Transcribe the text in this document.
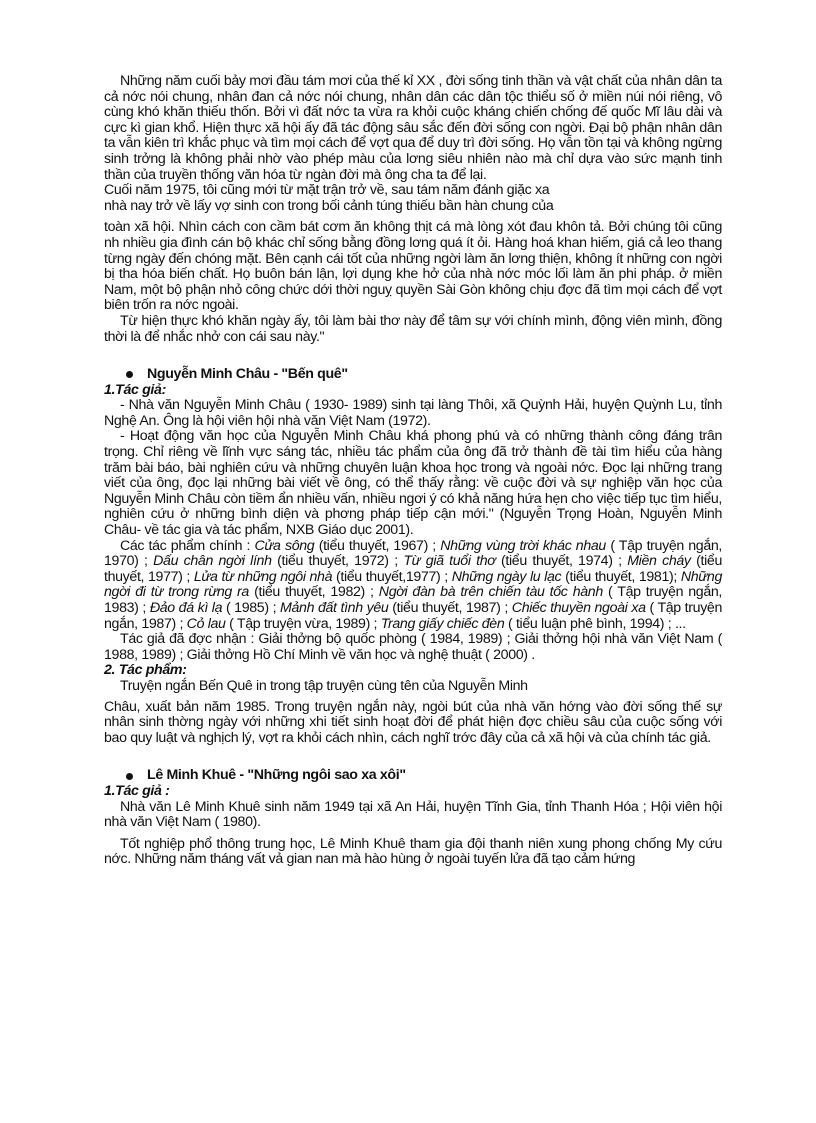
Những năm cuối bảy mơi đầu tám mơi của thế kỉ XX , đời sống tinh thần và vật chất của nhân dân ta cả nớc nói chung, nhân đan cả nớc nói chung, nhân dân các dân tộc thiểu số ở miền núi nói riêng, vô cùng khó khăn thiếu thốn. Bởi vì đất nớc ta vừa ra khỏi cuộc kháng chiến chống đế quốc Mĩ lâu dài và cực kì gian khổ. Hiện thực xã hội ấy đã tác động sâu sắc đến đời sống con ngời. Đại bộ phận nhân dân ta vẫn kiên trì khắc phục và tìm mọi cách để vợt qua để duy trì đời sống. Họ vẫn tồn tại và không ngừng sinh trởng là không phải nhờ vào phép màu của lơng siêu nhiên nào mà chỉ dựa vào sức mạnh tinh thần của truyền thống văn hóa từ ngàn đời mà ông cha ta để lại.

Cuối năm 1975, tôi cũng mới từ mặt trận trở về, sau tám năm đánh giặc xa
nhà nay trở về lấy vợ sinh con trong bối cảnh túng thiếu bần hàn chung của

toàn xã hội. Nhìn cách con cầm bát cơm ăn không thịt cá mà lòng xót đau khôn tả. Bởi chúng tôi cũng nh nhiều gia đình cán bộ khác chỉ sống bằng đồng lơng quá ít ỏi. Hàng hoá khan hiếm, giá cả leo thang từng ngày đến chóng mặt. Bên cạnh cái tốt của những ngời làm ăn lơng thiện, không ít những con ngời bị tha hóa biến chất. Họ buôn bán lận, lợi dụng khe hở của nhà nớc móc lối làm ăn phi pháp. ở miền Nam, một bộ phận nhỏ công chức dới thời nguỵ quyền Sài Gòn không chịu đợc đã tìm mọi cách để vợt biên trốn ra nớc ngoài.

Từ hiện thực khó khăn ngày ấy, tôi làm bài thơ này để tâm sự với chính mình, động viên mình, đồng thời là để nhắc nhở con cái sau này."

Nguyễn Minh Châu - "Bến quê"

1.Tác giả:

- Nhà văn Nguyễn Minh Châu ( 1930- 1989) sinh tại làng Thôi, xã Quỳnh Hải, huyện Quỳnh Lu, tỉnh Nghệ An. Ông là hội viên hội nhà văn Việt Nam (1972).

- Hoạt động văn học của Nguyễn Minh Châu khá phong phú và có những thành công đáng trân trọng. Chỉ riêng về lĩnh vực sáng tác, nhiều tác phẩm của ông đã trở thành đề tài tìm hiểu của hàng trăm bài báo, bài nghiên cứu và những chuyên luận khoa học trong và ngoài nớc. Đọc lại những trang viết của ông, đọc lại những bài viết về ông, có thể thấy rằng: về cuộc đời và sự nghiệp văn học của Nguyễn Minh Châu còn tiềm ẩn nhiều vấn, nhiều ngơi ý có khả năng hứa hẹn cho việc tiếp tục tìm hiểu, nghiên cứu ở những bình diện và phơng pháp tiếp cận mới." (Nguyễn Trọng Hoàn, Nguyễn Minh Châu- về tác gia và tác phẩm, NXB Giáo dục 2001).

Các tác phẩm chính : Cửa sông (tiểu thuyết, 1967) ; Những vùng trời khác nhau ( Tập truyện ngắn, 1970) ; Dấu chân ngời lính (tiểu thuyết, 1972) ; Từ giã tuổi thơ (tiểu thuyết, 1974) ; Miền cháy (tiểu thuyết, 1977) ; Lửa từ những ngôi nhà (tiểu thuyết,1977) ; Những ngày lu lạc (tiểu thuyết, 1981); Những ngời đi từ trong rừng ra (tiểu thuyết, 1982) ; Ngời đàn bà trên chiến tàu tốc hành ( Tập truyện ngắn, 1983) ; Đảo đá kì lạ ( 1985) ; Mảnh đất tình yêu (tiểu thuyết, 1987) ; Chiếc thuyền ngoài xa ( Tập truyện ngắn, 1987) ; Cỏ lau ( Tập truyện vừa, 1989) ; Trang giấy chiếc đèn ( tiểu luận phê bình, 1994) ; ...

Tác giả đã đợc nhận : Giải thởng bộ quốc phòng ( 1984, 1989) ; Giải thởng hội nhà văn Việt Nam ( 1988, 1989) ; Giải thởng Hồ Chí Minh về văn học và nghệ thuật ( 2000) .

2. Tác phẩm:

Truyện ngắn Bến Quê in trong tập truyện cùng tên của Nguyễn Minh

Châu, xuất bản năm 1985. Trong truyện ngắn này, ngòi bút của nhà văn hớng vào đời sống thế sự nhân sinh thờng ngày với những xhi tiết sinh hoạt đời để phát hiện đợc chiều sâu của cuộc sống với bao quy luật và nghịch lý, vợt ra khỏi cách nhìn, cách nghĩ trớc đây của cả xã hội và của chính tác giả.

Lê Minh Khuê - "Những ngôi sao xa xôi"

1.Tác giả :

Nhà văn Lê Minh Khuê sinh năm 1949 tại xã An Hải, huyện Tĩnh Gia, tỉnh Thanh Hóa ; Hội viên hội nhà văn Việt Nam ( 1980).

Tốt nghiệp phổ thông trung học, Lê Minh Khuê tham gia đội thanh niên xung phong chống My cứu nớc. Những năm tháng vất vả gian nan mà hào hùng ở ngoài tuyến lửa đã tạo cảm hứng
